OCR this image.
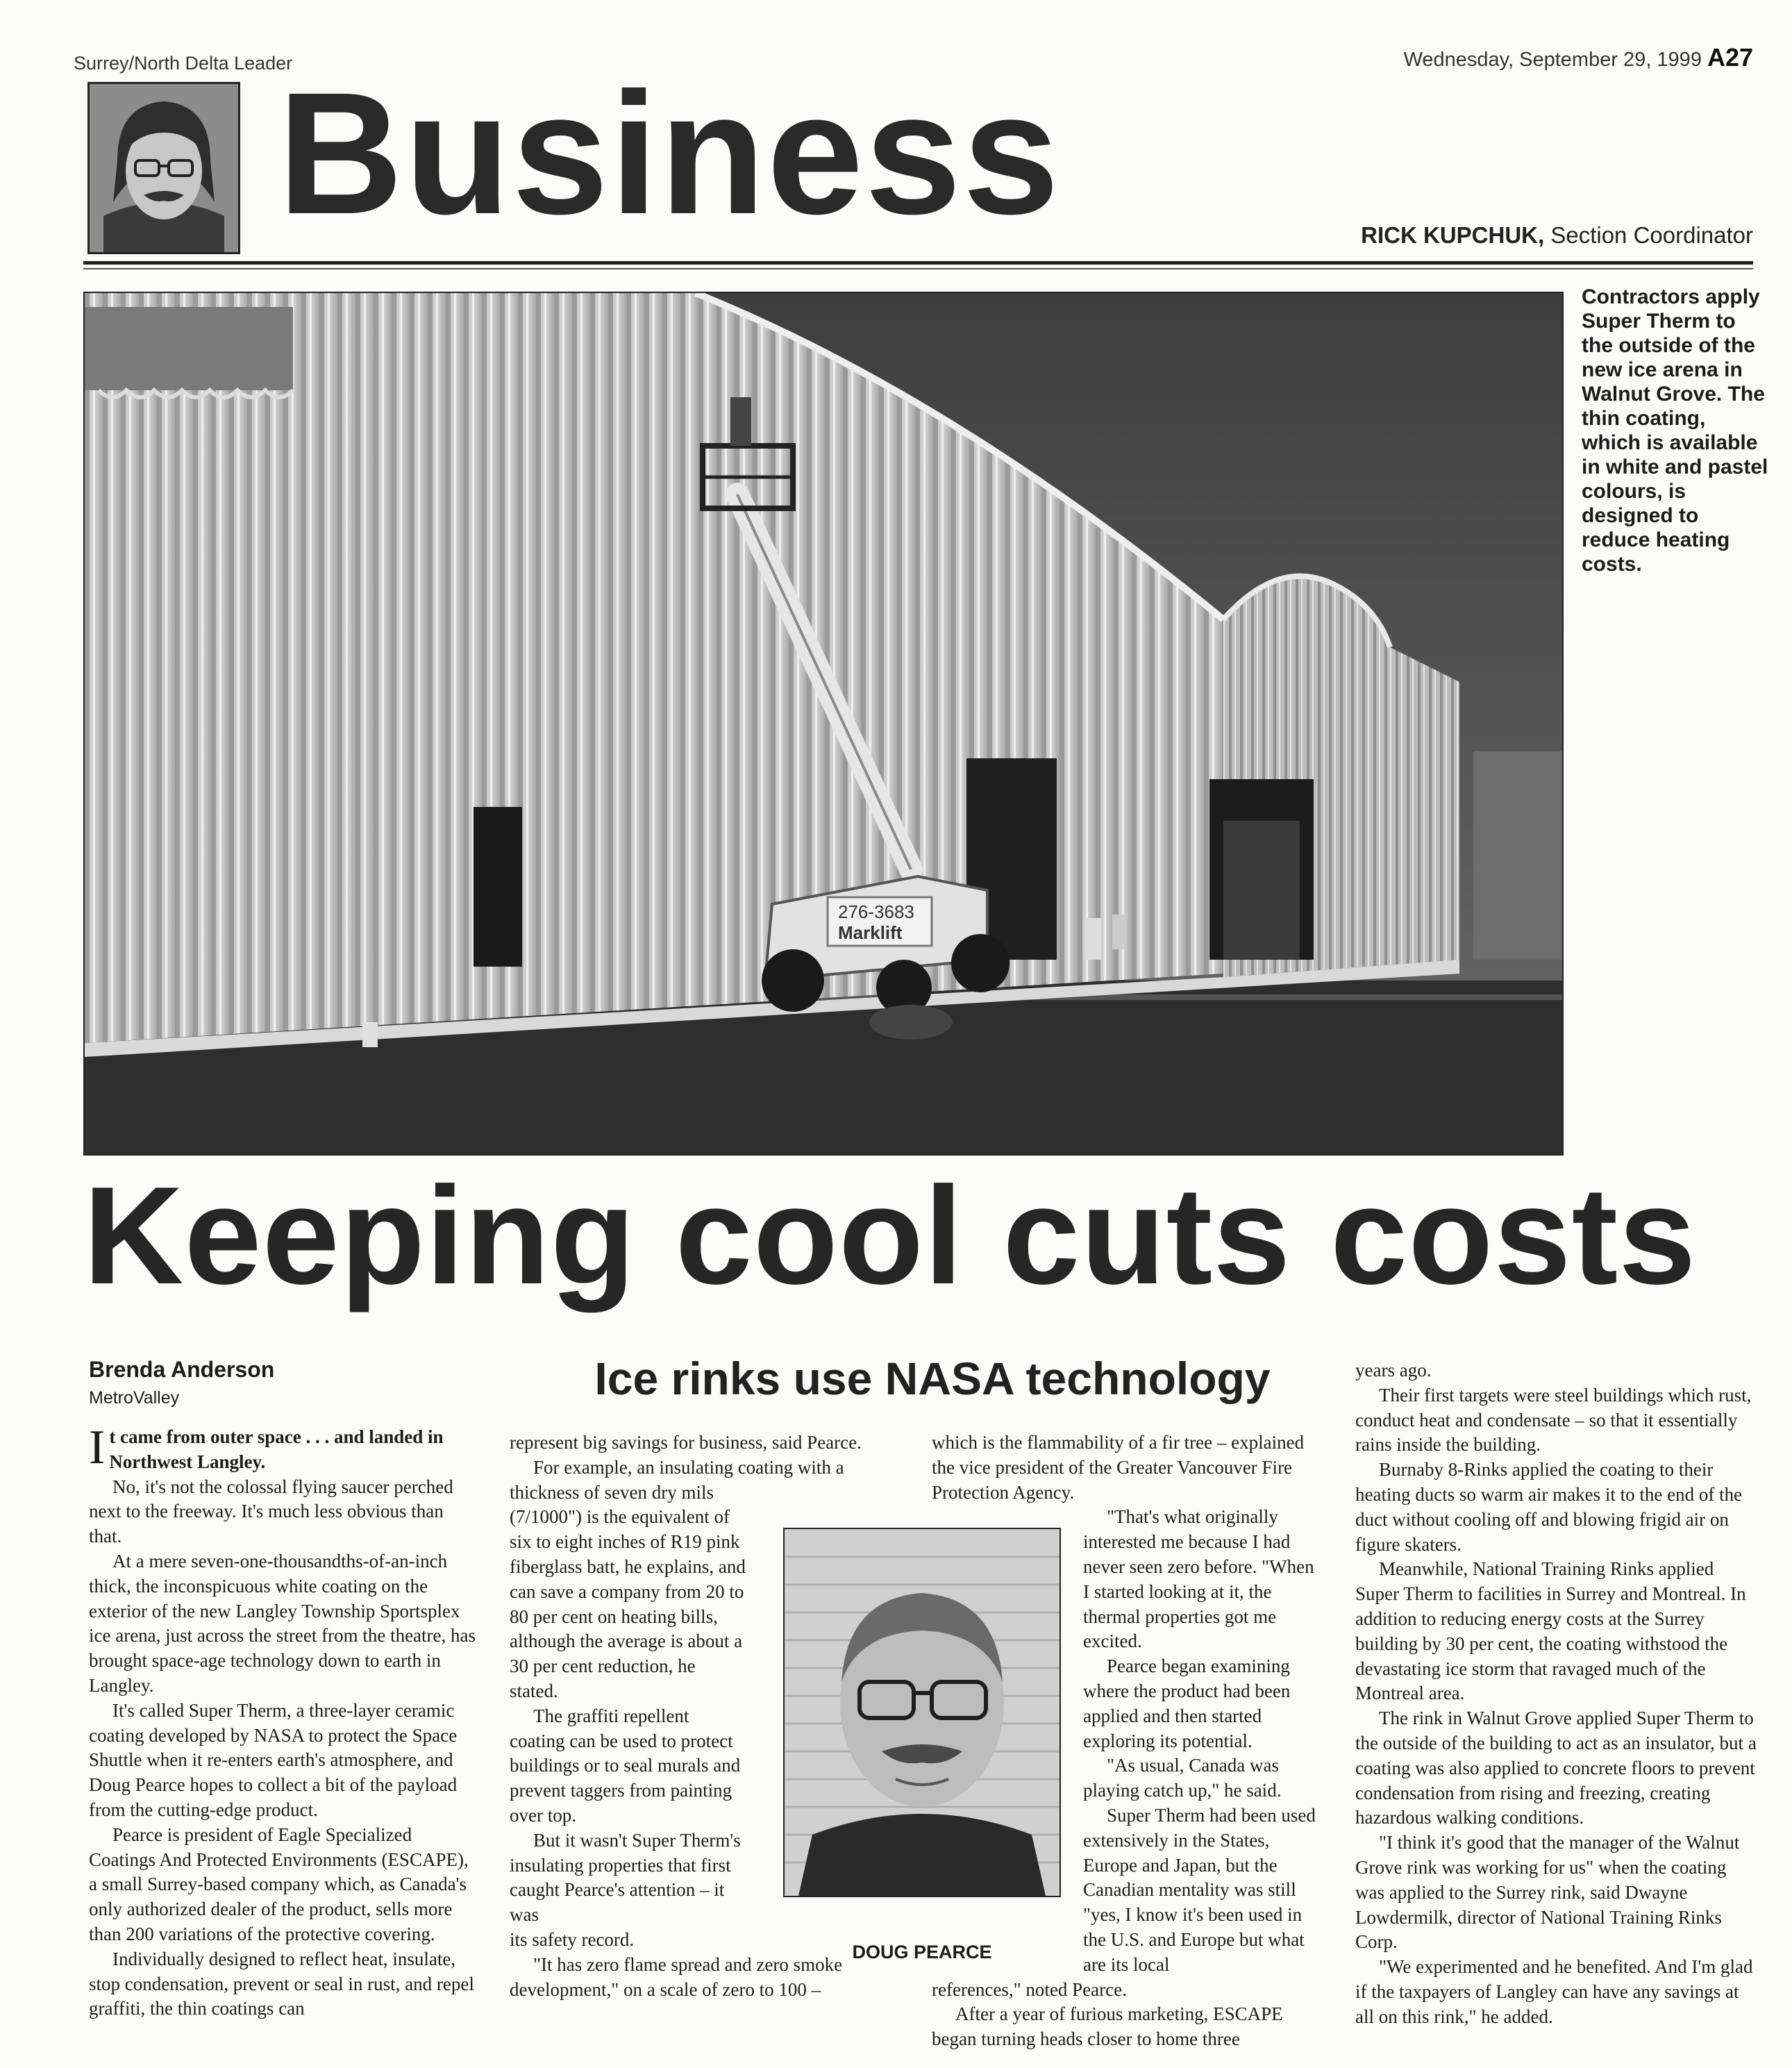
Surrey/North Delta Leader	Wednesday, September 29, 1999 A27
Business	RICK KUPCHUK, Section Coordinator
276-3683
Marklift
Contractors apply Super Therm to the outside of the new ice arena in Walnut Grove. The thin coating, which is available in white and pastel colours, is designed to reduce heating costs.
Keeping cool cuts costs
Brenda Anderson
MetroValley	Ice rinks use NASA technology

It came from outer space . . . and landed in Northwest Langley.

No, it's not the colossal flying saucer perched next to the freeway. It's much less obvious than that.

At a mere seven-one-thousandths-of-an-inch thick, the inconspicuous white coating on the exterior of the new Langley Township Sportsplex ice arena, just across the street from the theatre, has brought space-age technology down to earth in Langley.

It's called Super Therm, a three-layer ceramic coating developed by NASA to protect the Space Shuttle when it re-enters earth's atmosphere, and Doug Pearce hopes to collect a bit of the payload from the cutting-edge product.

Pearce is president of Eagle Specialized Coatings And Protected Environments (ESCAPE), a small Surrey-based company which, as Canada's only authorized dealer of the product, sells more than 200 variations of the protective covering.

Individually designed to reflect heat, insulate, stop condensation, prevent or seal in rust, and repel graffiti, the thin coatings can

represent big savings for business, said Pearce.

For example, an insulating coating with a

thickness of seven dry mils (7/1000") is the equivalent of six to eight inches of R19 pink fiberglass batt, he explains, and can save a company from 20 to 80 per cent on heating bills, although the average is about a 30 per cent reduction, he stated.

The graffiti repellent coating can be used to protect buildings or to seal murals and prevent taggers from painting over top.

But it wasn't Super Therm's insulating properties that first caught Pearce's attention – it was

its safety record.

"It has zero flame spread and zero smoke development," on a scale of zero to 100 –

which is the flammability of a fir tree – explained the vice president of the Greater Vancouver Fire Protection Agency.

"That's what originally interested me because I had never seen zero before. "When I started looking at it, the thermal properties got me excited.

Pearce began examining where the product had been applied and then started exploring its potential.

"As usual, Canada was playing catch up," he said.

Super Therm had been used extensively in the States, Europe and Japan, but the Canadian mentality was still "yes, I know it's been used in the U.S. and Europe but what are its local

references," noted Pearce.

After a year of furious marketing, ESCAPE began turning heads closer to home three

DOUG PEARCE

years ago.

Their first targets were steel buildings which rust, conduct heat and condensate – so that it essentially rains inside the building.

Burnaby 8-Rinks applied the coating to their heating ducts so warm air makes it to the end of the duct without cooling off and blowing frigid air on figure skaters.

Meanwhile, National Training Rinks applied Super Therm to facilities in Surrey and Montreal. In addition to reducing energy costs at the Surrey building by 30 per cent, the coating withstood the devastating ice storm that ravaged much of the Montreal area.

The rink in Walnut Grove applied Super Therm to the outside of the building to act as an insulator, but a coating was also applied to concrete floors to prevent condensation from rising and freezing, creating hazardous walking conditions.

"I think it's good that the manager of the Walnut Grove rink was working for us" when the coating was applied to the Surrey rink, said Dwayne Lowdermilk, director of National Training Rinks Corp.

"We experimented and he benefited. And I'm glad if the taxpayers of Langley can have any savings at all on this rink," he added.
